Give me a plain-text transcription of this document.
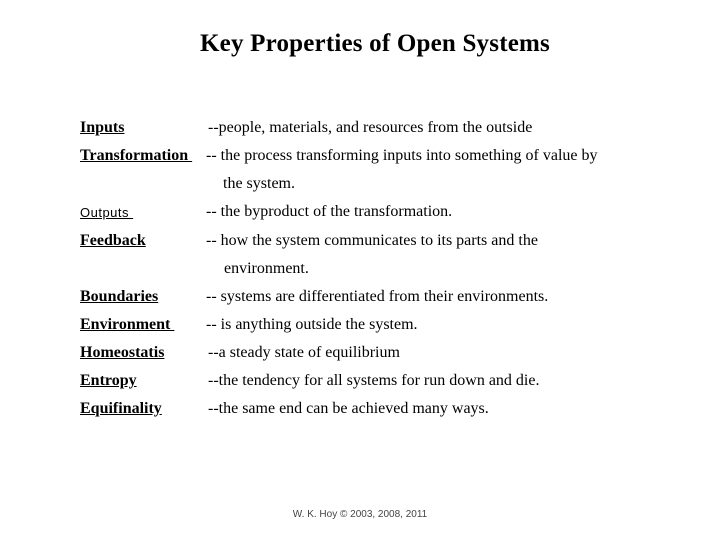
Key Properties of Open Systems
Inputs	--people, materials, and resources from the outside
Transformation -- the process transforming inputs into something of value by
the system.
Outputs	-- the byproduct of the transformation.
Feedback	-- how the system communicates to its parts and the
environment.
Boundaries	-- systems are differentiated from their environments.
Environment -- is anything outside the system.
Homeostatis	--a steady state of equilibrium
Entropy	--the tendency for all systems for run down and die.
Equifinality	--the same end can be achieved many ways.
W. K. Hoy © 2003, 2008, 2011
